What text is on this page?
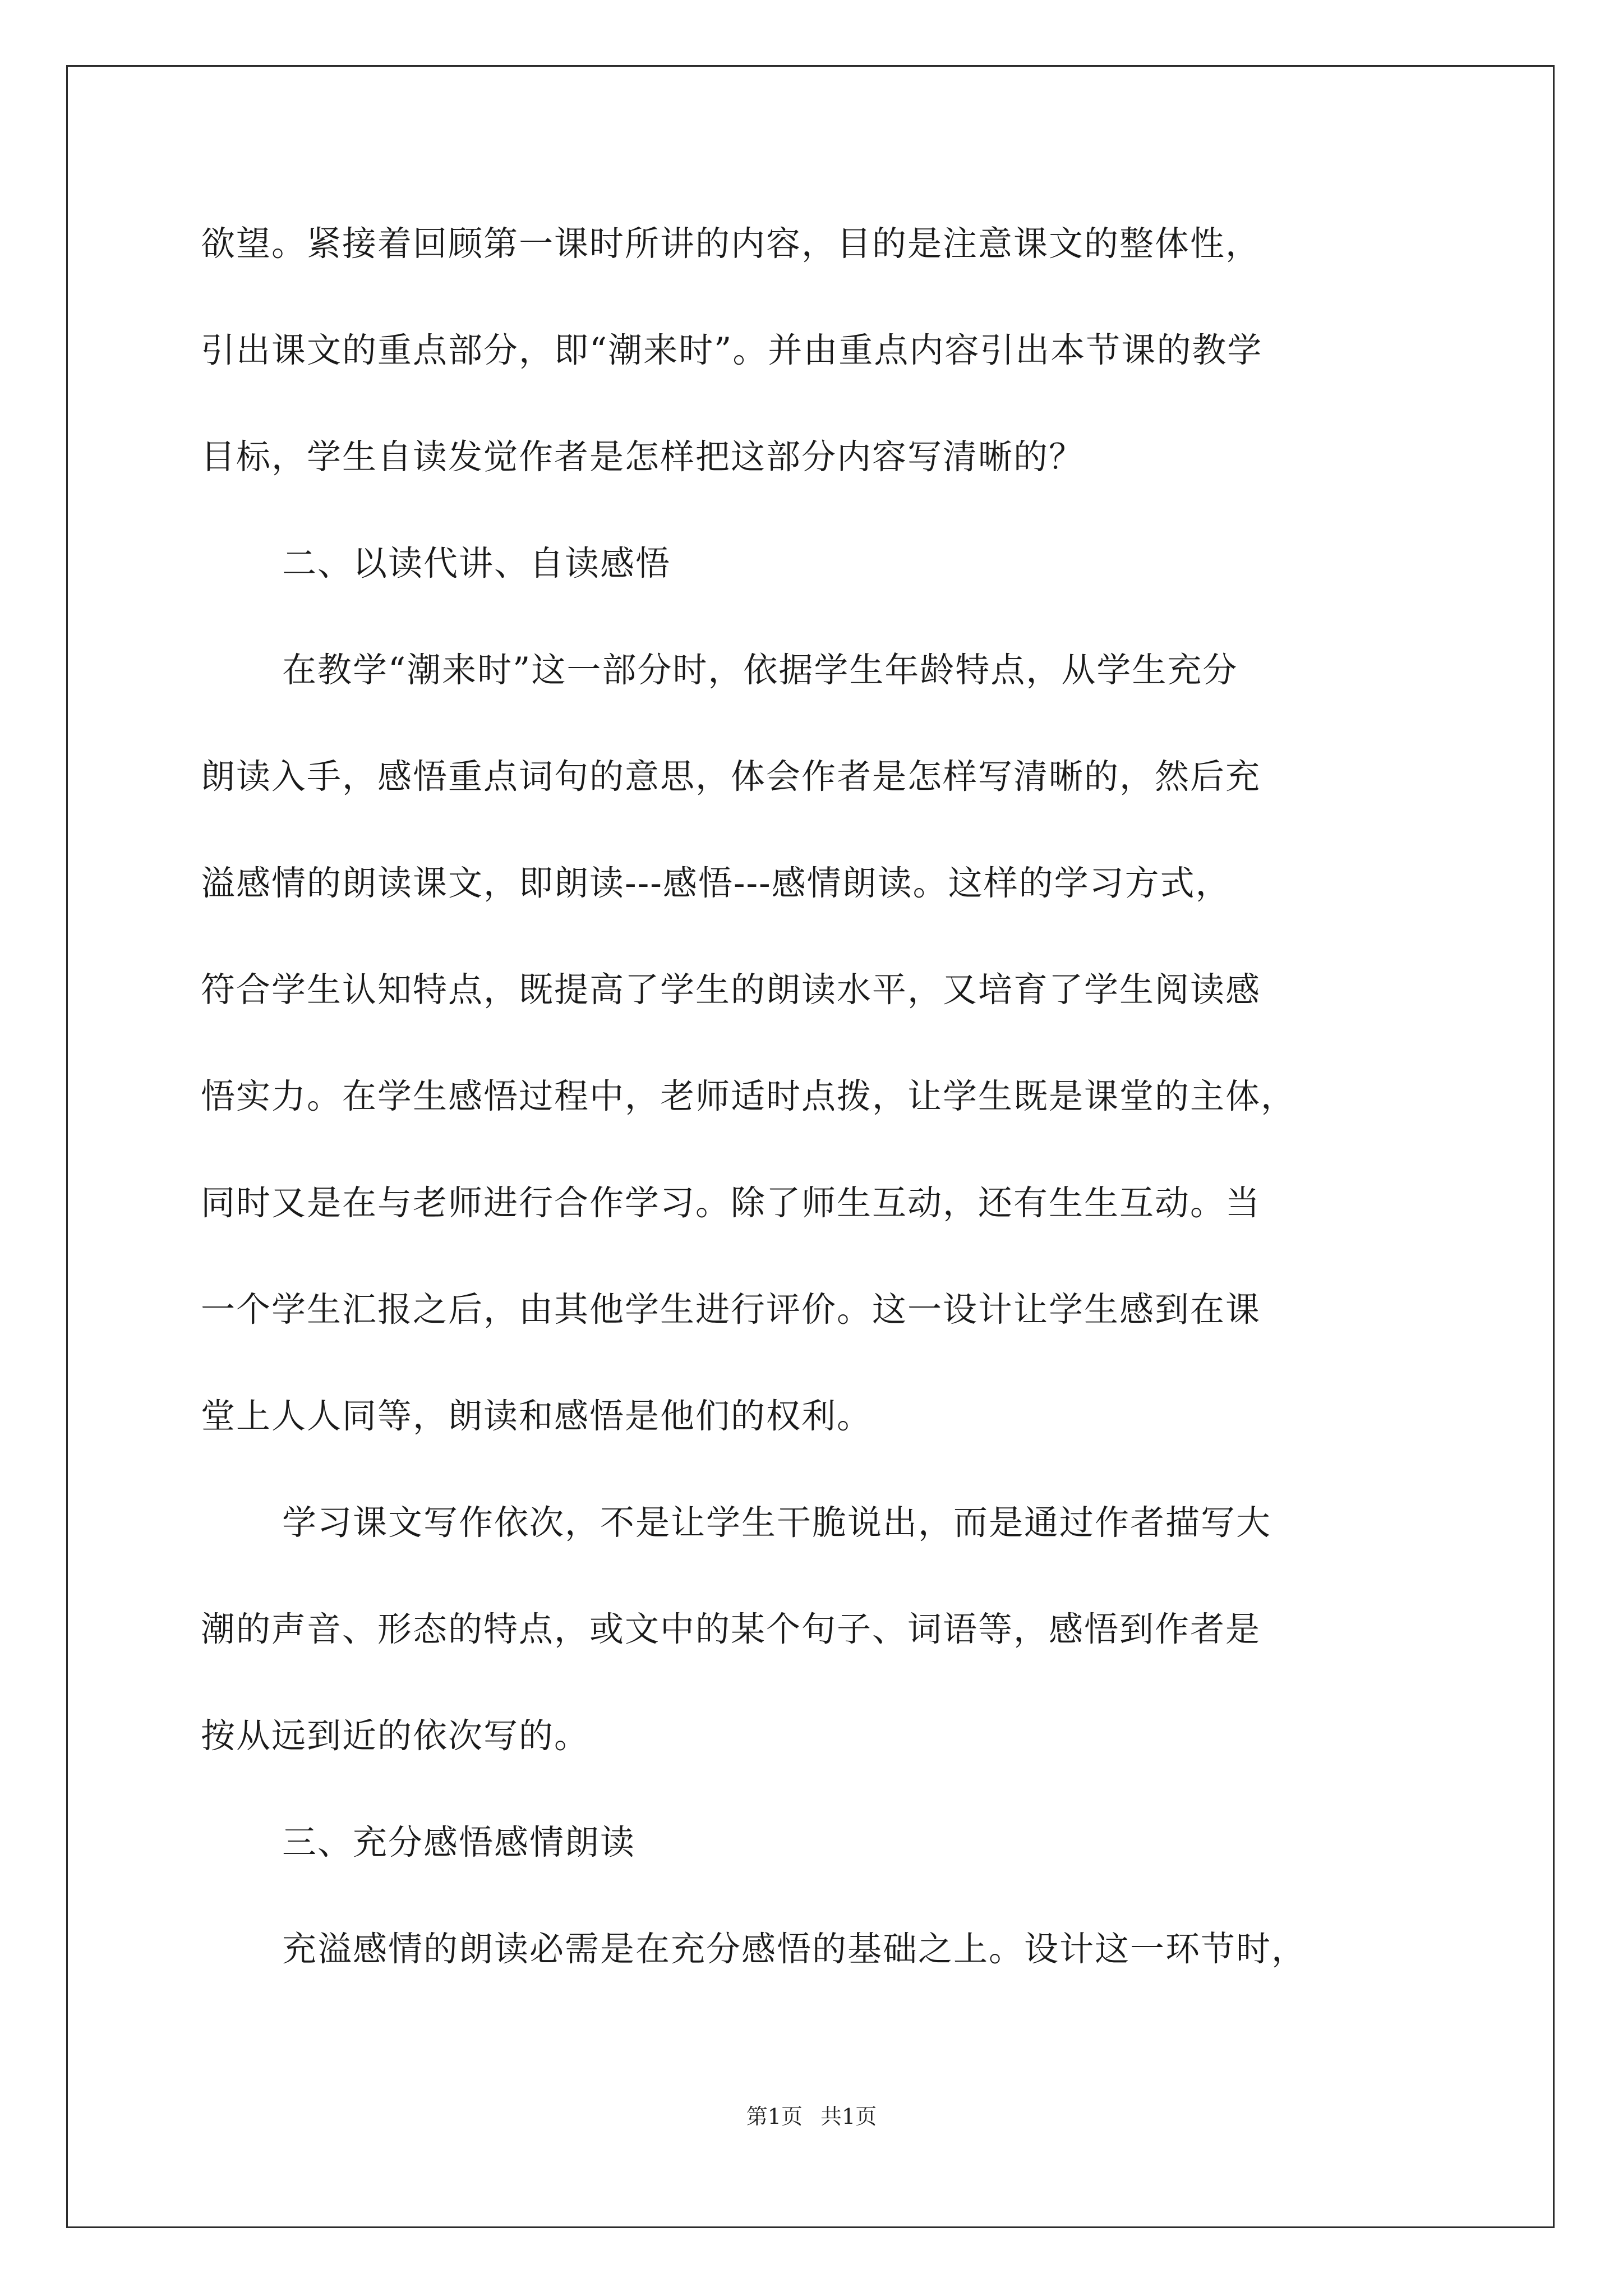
欲望。紧接着回顾第一课时所讲的内容，目的是注意课文的整体性，
引出课文的重点部分，即“潮来时”。并由重点内容引出本节课的教学
目标，学生自读发觉作者是怎样把这部分内容写清晰的？
二、以读代讲、自读感悟
在教学“潮来时”这一部分时，依据学生年龄特点，从学生充分
朗读入手，感悟重点词句的意思，体会作者是怎样写清晰的，然后充
溢感情的朗读课文，即朗读---感悟---感情朗读。这样的学习方式，
符合学生认知特点，既提高了学生的朗读水平，又培育了学生阅读感
悟实力。在学生感悟过程中，老师适时点拨，让学生既是课堂的主体，
同时又是在与老师进行合作学习。除了师生互动，还有生生互动。当
一个学生汇报之后，由其他学生进行评价。这一设计让学生感到在课
堂上人人同等，朗读和感悟是他们的权利。
学习课文写作依次，不是让学生干脆说出，而是通过作者描写大
潮的声音、形态的特点，或文中的某个句子、词语等，感悟到作者是
按从远到近的依次写的。
三、充分感悟感情朗读
充溢感情的朗读必需是在充分感悟的基础之上。设计这一环节时，
第1页 共1页
